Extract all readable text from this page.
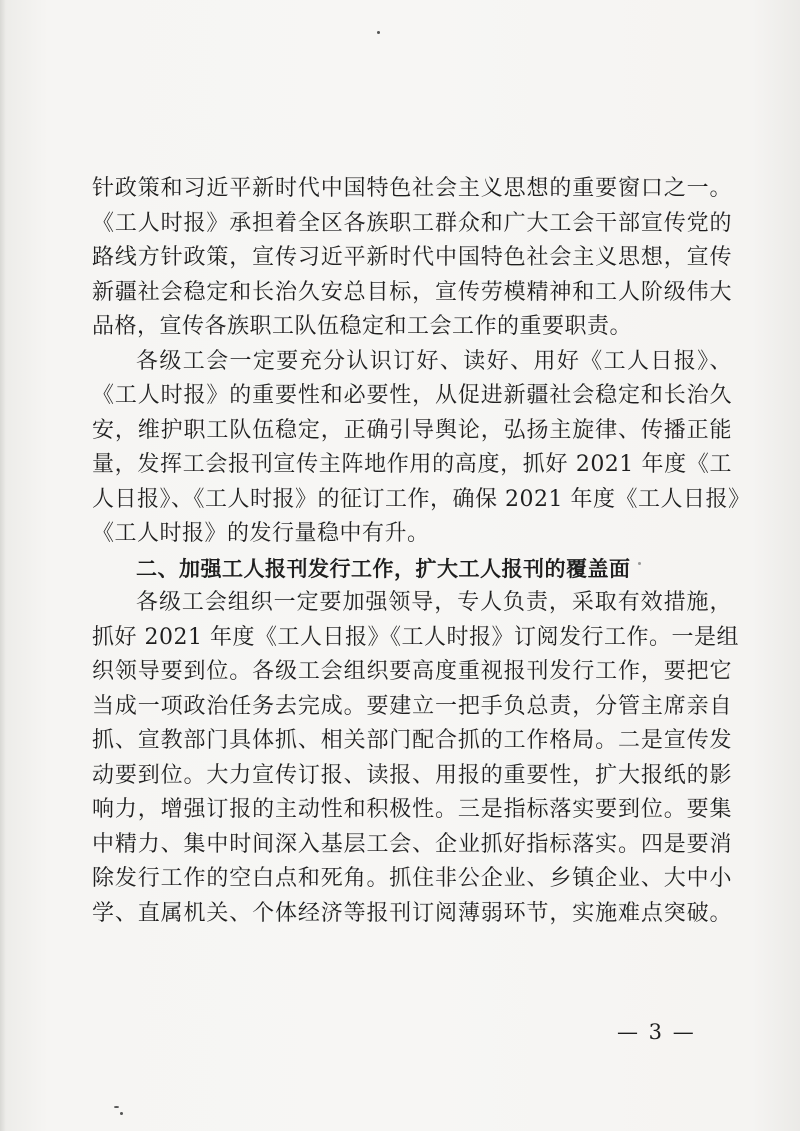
针政策和习近平新时代中国特色社会主义思想的重要窗口之一。
《工人时报》承担着全区各族职工群众和广大工会干部宣传党的
路线方针政策，宣传习近平新时代中国特色社会主义思想，宣传
新疆社会稳定和长治久安总目标，宣传劳模精神和工人阶级伟大
品格，宣传各族职工队伍稳定和工会工作的重要职责。
各级工会一定要充分认识订好、读好、用好《工人日报》、
《工人时报》的重要性和必要性，从促进新疆社会稳定和长治久
安，维护职工队伍稳定，正确引导舆论，弘扬主旋律、传播正能
量，发挥工会报刊宣传主阵地作用的高度，抓好 2021 年度《工
人日报》、《工人时报》的征订工作，确保 2021 年度《工人日报》
《工人时报》的发行量稳中有升。
二、加强工人报刊发行工作，扩大工人报刊的覆盖面
各级工会组织一定要加强领导，专人负责，采取有效措施，
抓好 2021 年度《工人日报》《工人时报》订阅发行工作。一是组
织领导要到位。各级工会组织要高度重视报刊发行工作，要把它
当成一项政治任务去完成。要建立一把手负总责，分管主席亲自
抓、宣教部门具体抓、相关部门配合抓的工作格局。二是宣传发
动要到位。大力宣传订报、读报、用报的重要性，扩大报纸的影
响力，增强订报的主动性和积极性。三是指标落实要到位。要集
中精力、集中时间深入基层工会、企业抓好指标落实。四是要消
除发行工作的空白点和死角。抓住非公企业、乡镇企业、大中小
学、直属机关、个体经济等报刊订阅薄弱环节，实施难点突破。
— 3 —
